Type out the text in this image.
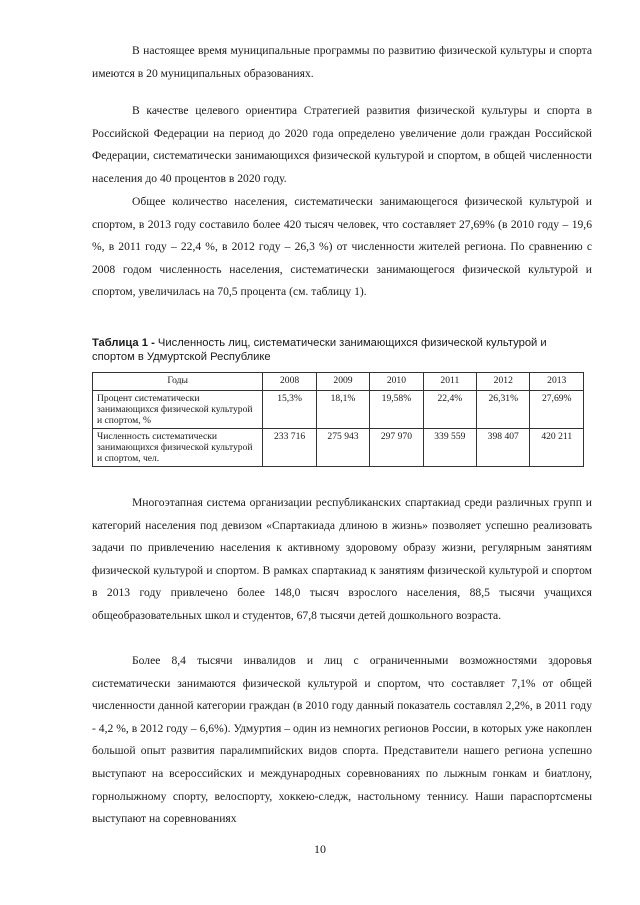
В настоящее время муниципальные программы по развитию физической культуры и спорта имеются в 20 муниципальных образованиях.

В качестве целевого ориентира Стратегией развития физической культуры и спорта в Российской Федерации на период до 2020 года определено увеличение доли граждан Российской Федерации, систематически занимающихся физической культурой и спортом, в общей численности населения до 40 процентов в 2020 году.

Общее количество населения, систематически занимающегося физической культурой и спортом, в 2013 году составило более 420 тысяч человек, что составляет 27,69% (в 2010 году – 19,6 %, в 2011 году – 22,4 %, в 2012 году – 26,3 %) от численности жителей региона. По сравнению с 2008 годом численность населения, систематически занимающегося физической культурой и спортом, увеличилась на 70,5 процента (см. таблицу 1).

Таблица 1 - Численность лиц, систематически занимающихся физической культурой и спортом в Удмуртской Республике

Годы	2008	2009	2010	2011	2012	2013
Процент систематически занимающихся физической культурой и спортом, %	15,3%	18,1%	19,58%	22,4%	26,31%	27,69%
Численность систематически занимающихся физической культурой и спортом, чел.	233 716	275 943	297 970	339 559	398 407	420 211

Многоэтапная система организации республиканских спартакиад среди различных групп и категорий населения под девизом «Спартакиада длиною в жизнь» позволяет успешно реализовать задачи по привлечению населения к активному здоровому образу жизни, регулярным занятиям физической культурой и спортом. В рамках спартакиад к занятиям физической культурой и спортом в 2013 году привлечено более 148,0 тысяч взрослого населения, 88,5 тысячи учащихся общеобразовательных школ и студентов, 67,8 тысячи детей дошкольного возраста.

Более 8,4 тысячи инвалидов и лиц с ограниченными возможностями здоровья систематически занимаются физической культурой и спортом, что составляет 7,1% от общей численности данной категории граждан (в 2010 году данный показатель составлял 2,2%, в 2011 году - 4,2 %, в 2012 году – 6,6%). Удмуртия – один из немногих регионов России, в которых уже накоплен большой опыт развития паралимпийских видов спорта. Представители нашего региона успешно выступают на всероссийских и международных соревнованиях по лыжным гонкам и биатлону, горнолыжному спорту, велоспорту, хоккею-следж, настольному теннису. Наши параспортсмены выступают на соревнованиях

10
